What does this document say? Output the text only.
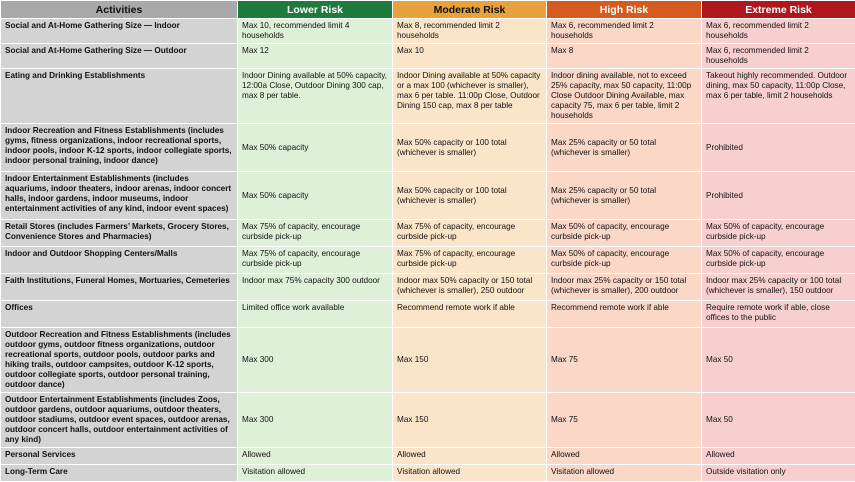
Activities	Lower Risk	Moderate Risk	High Risk	Extreme Risk
Social and At-Home Gathering Size — Indoor	Max 10, recommended limit 4 households	Max 8, recommended limit 2 households	Max 6, recommended limit 2 households	Max 6, recommended limit 2 households
Social and At-Home Gathering Size — Outdoor	Max 12	Max 10	Max 8	Max 6, recommended limit 2 households
Eating and Drinking Establishments	Indoor Dining available at 50% capacity, 12:00a Close, Outdoor Dining 300 cap, max 8 per table.	Indoor Dining available at 50% capacity or a max 100 (whichever is smaller), max 6 per table. 11:00p Close, Outdoor Dining 150 cap, max 8 per table	Indoor dining available, not to exceed 25% capacity, max 50 capacity, 11:00p Close Outdoor Dining Available, max capacity 75, max 6 per table, limit 2 households	Takeout highly recommended. Outdoor dining, max 50 capacity, 11:00p Close, max 6 per table, limit 2 households
Indoor Recreation and Fitness Establishments (includes gyms, fitness organizations, indoor recreational sports, indoor pools, indoor K-12 sports, indoor collegiate sports, indoor personal training, indoor dance)	Max 50% capacity	Max 50% capacity or 100 total (whichever is smaller)	Max 25% capacity or 50 total (whichever is smaller)	Prohibited
Indoor Entertainment Establishments (includes aquariums, indoor theaters, indoor arenas, indoor concert halls, indoor gardens, indoor museums, indoor entertainment activities of any kind, indoor event spaces)	Max 50% capacity	Max 50% capacity or 100 total (whichever is smaller)	Max 25% capacity or 50 total (whichever is smaller)	Prohibited
Retail Stores (includes Farmers’ Markets, Grocery Stores, Convenience Stores and Pharmacies)	Max 75% of capacity, encourage curbside pick-up	Max 75% of capacity, encourage curbside pick-up	Max 50% of capacity, encourage curbside pick-up	Max 50% of capacity, encourage curbside pick-up
Indoor and Outdoor Shopping Centers/Malls	Max 75% of capacity, encourage curbside pick-up	Max 75% of capacity, encourage curbside pick-up	Max 50% of capacity, encourage curbside pick-up	Max 50% of capacity, encourage curbside pick-up
Faith Institutions, Funeral Homes, Mortuaries, Cemeteries	Indoor max 75% capacity 300 outdoor	Indoor max 50% capacity or 150 total (whichever is smaller), 250 outdoor	Indoor max 25% capacity or 150 total (whichever is smaller), 200 outdoor	Indoor max 25% capacity or 100 total (whichever is smaller), 150 outdoor
Offices	Limited office work available	Recommend remote work if able	Recommend remote work if able	Require remote work if able, close offices to the public
Outdoor Recreation and Fitness Establishments (includes outdoor gyms, outdoor fitness organizations, outdoor recreational sports, outdoor pools, outdoor parks and hiking trails, outdoor campsites, outdoor K-12 sports, outdoor collegiate sports, outdoor personal training, outdoor dance)	Max 300	Max 150	Max 75	Max 50
Outdoor Entertainment Establishments (includes Zoos, outdoor gardens, outdoor aquariums, outdoor theaters, outdoor stadiums, outdoor event spaces, outdoor arenas, outdoor concert halls, outdoor entertainment activities of any kind)	Max 300	Max 150	Max 75	Max 50
Personal Services	Allowed	Allowed	Allowed	Allowed
Long-Term Care	Visitation allowed	Visitation allowed	Visitation allowed	Outside visitation only
